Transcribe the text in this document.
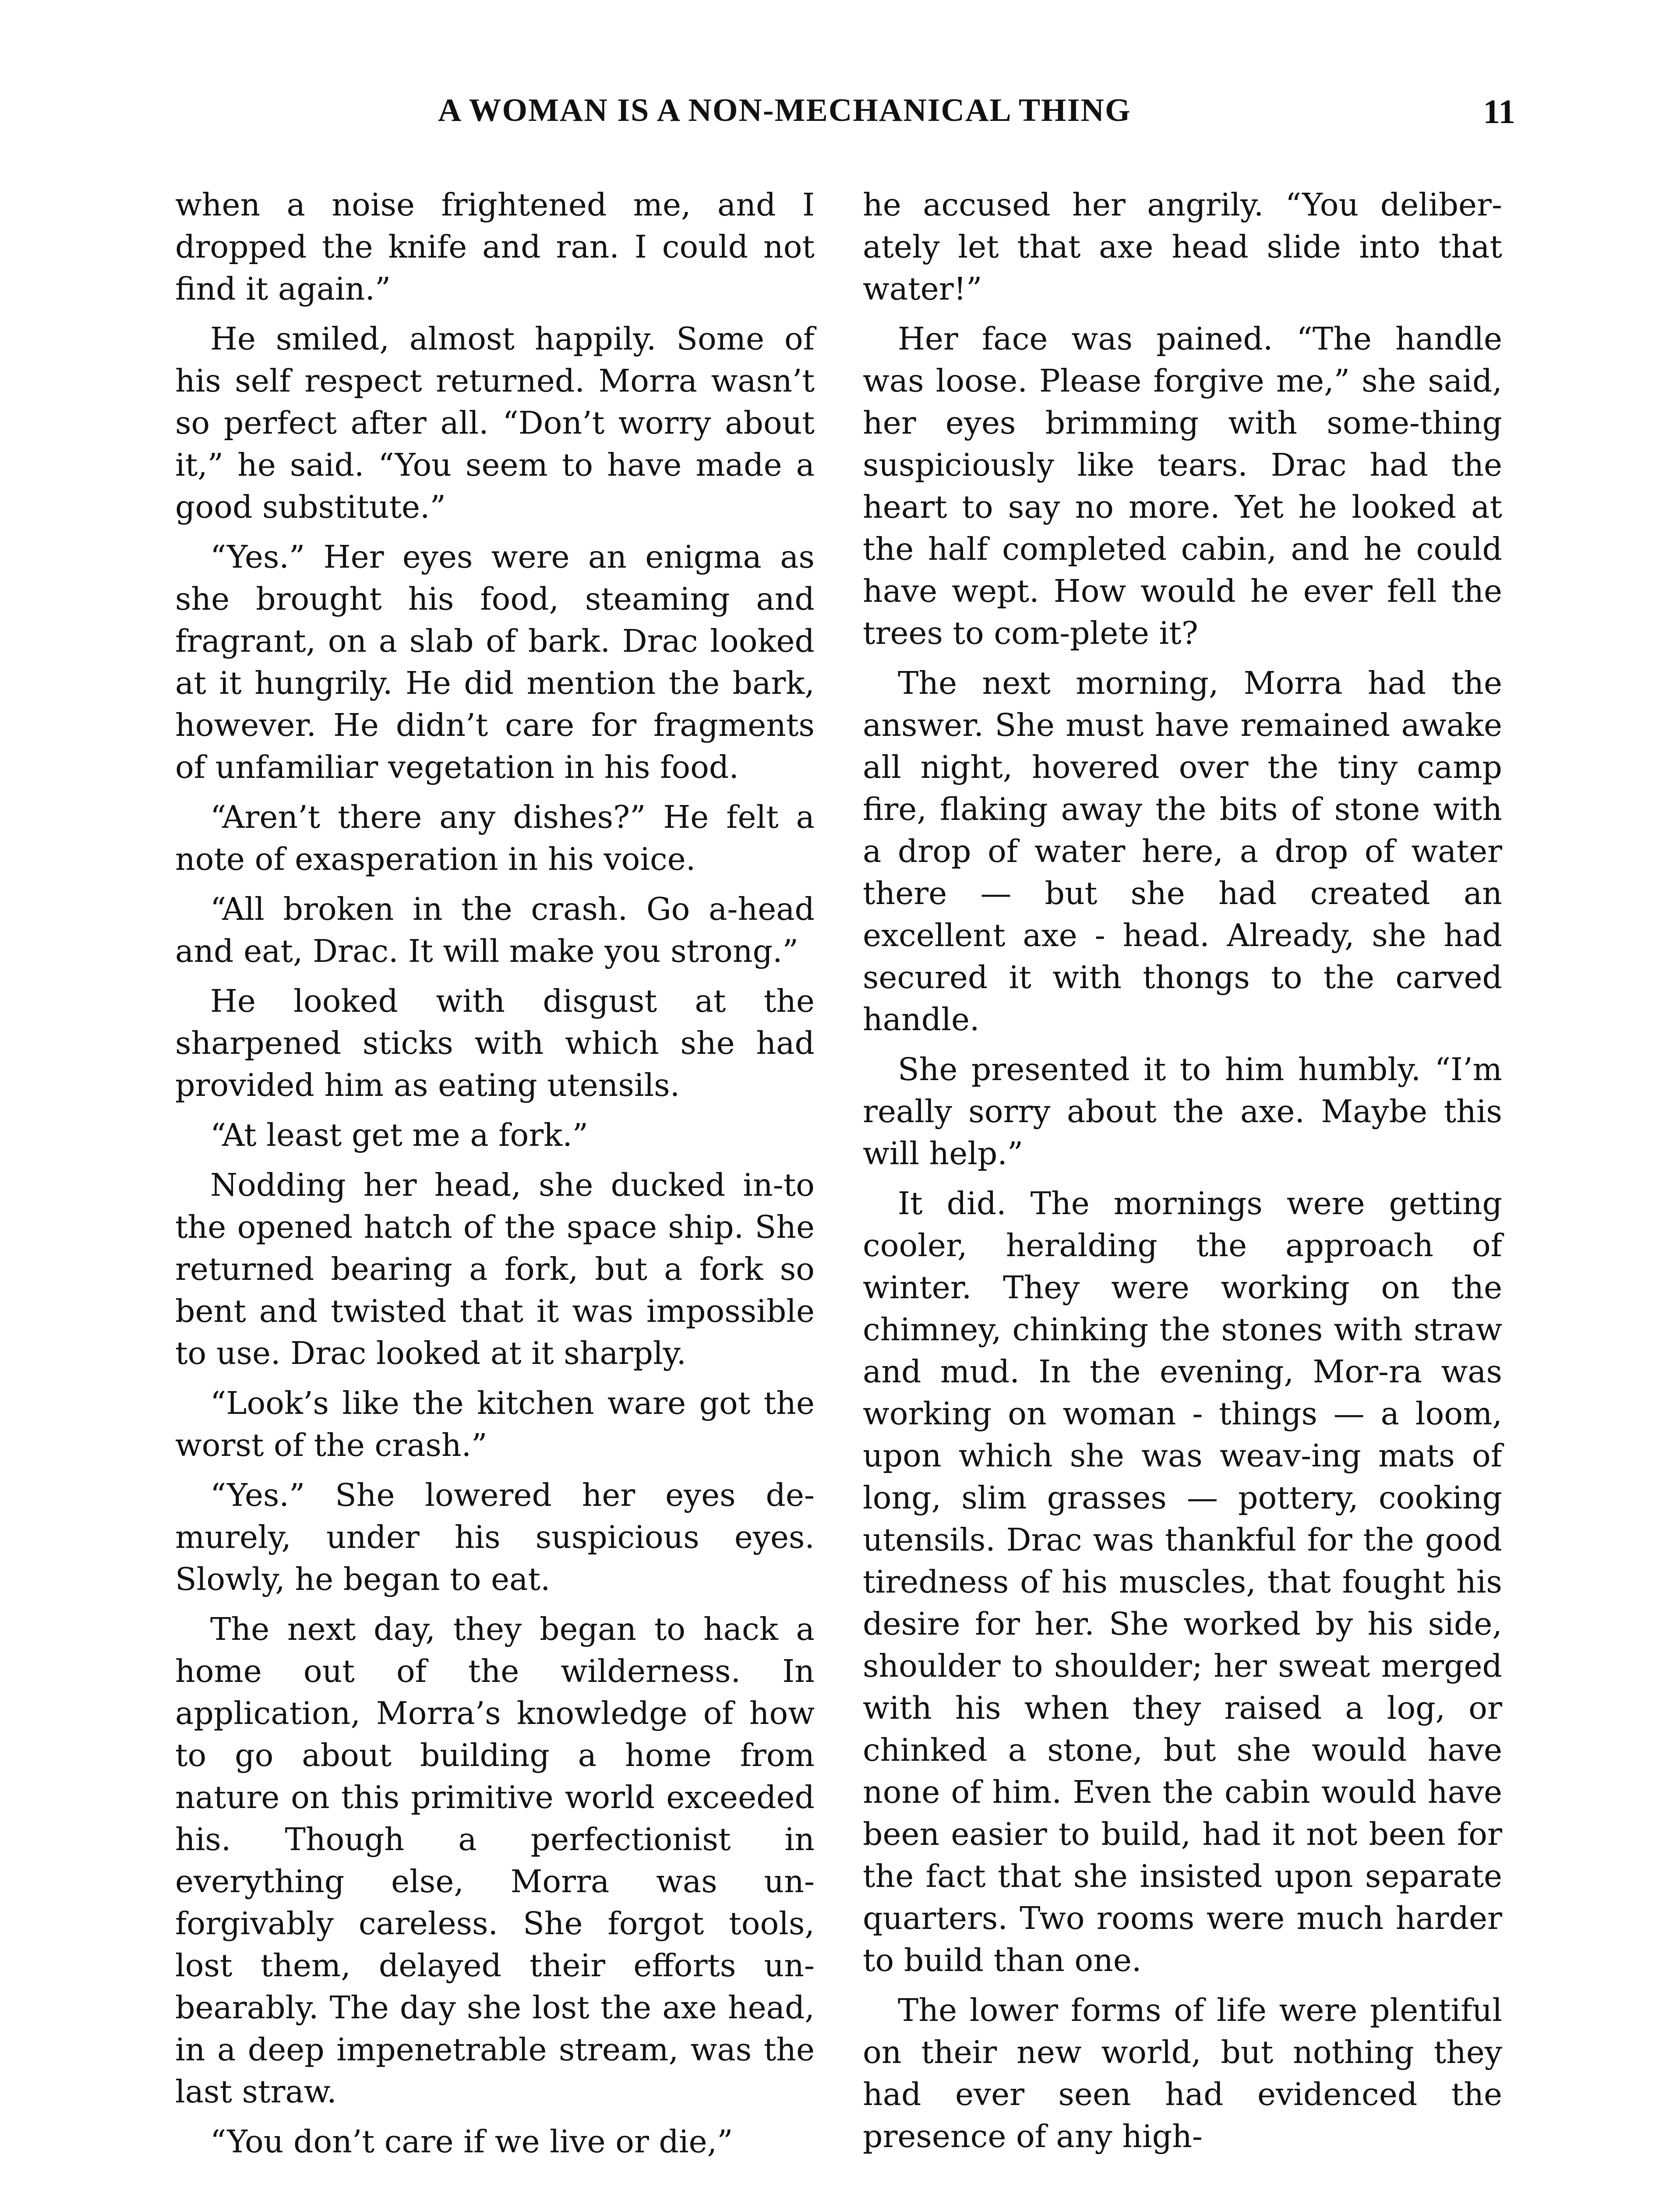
A WOMAN IS A NON-MECHANICAL THING	11

when a noise frightened me, and I dropped the knife and ran. I could not find it again.”

He smiled, almost happily. Some of his self respect returned. Morra wasn’t so perfect after all. “Don’t worry about it,” he said. “You seem to have made a good substitute.”

“Yes.” Her eyes were an enigma as she brought his food, steaming and fragrant, on a slab of bark. Drac looked at it hungrily. He did mention the bark, however. He didn’t care for fragments of unfamiliar vegetation in his food.

“Aren’t there any dishes?” He felt a note of exasperation in his voice.

“All broken in the crash. Go a-head and eat, Drac. It will make you strong.”

He looked with disgust at the sharpened sticks with which she had provided him as eating utensils.

“At least get me a fork.”

Nodding her head, she ducked in-to the opened hatch of the space ship. She returned bearing a fork, but a fork so bent and twisted that it was impossible to use. Drac looked at it sharply.

“Look’s like the kitchen ware got the worst of the crash.”

“Yes.” She lowered her eyes de-murely, under his suspicious eyes. Slowly, he began to eat.

The next day, they began to hack a home out of the wilderness. In application, Morra’s knowledge of how to go about building a home from nature on this primitive world exceeded his. Though a perfectionist in everything else, Morra was un-forgivably careless. She forgot tools, lost them, delayed their efforts un-bearably. The day she lost the axe head, in a deep impenetrable stream, was the last straw.

“You don’t care if we live or die,”

he accused her angrily. “You deliber-ately let that axe head slide into that water!”

Her face was pained. “The handle was loose. Please forgive me,” she said, her eyes brimming with some-thing suspiciously like tears. Drac had the heart to say no more. Yet he looked at the half completed cabin, and he could have wept. How would he ever fell the trees to com-plete it?

The next morning, Morra had the answer. She must have remained awake all night, hovered over the tiny camp fire, flaking away the bits of stone with a drop of water here, a drop of water there — but she had created an excellent axe - head. Already, she had secured it with thongs to the carved handle.

She presented it to him humbly. “I’m really sorry about the axe. Maybe this will help.”

It did. The mornings were getting cooler, heralding the approach of winter. They were working on the chimney, chinking the stones with straw and mud. In the evening, Mor-ra was working on woman - things — a loom, upon which she was weav-ing mats of long, slim grasses — pottery, cooking utensils. Drac was thankful for the good tiredness of his muscles, that fought his desire for her. She worked by his side, shoulder to shoulder; her sweat merged with his when they raised a log, or chinked a stone, but she would have none of him. Even the cabin would have been easier to build, had it not been for the fact that she insisted upon separate quarters. Two rooms were much harder to build than one.

The lower forms of life were plentiful on their new world, but nothing they had ever seen had evidenced the presence of any high-
